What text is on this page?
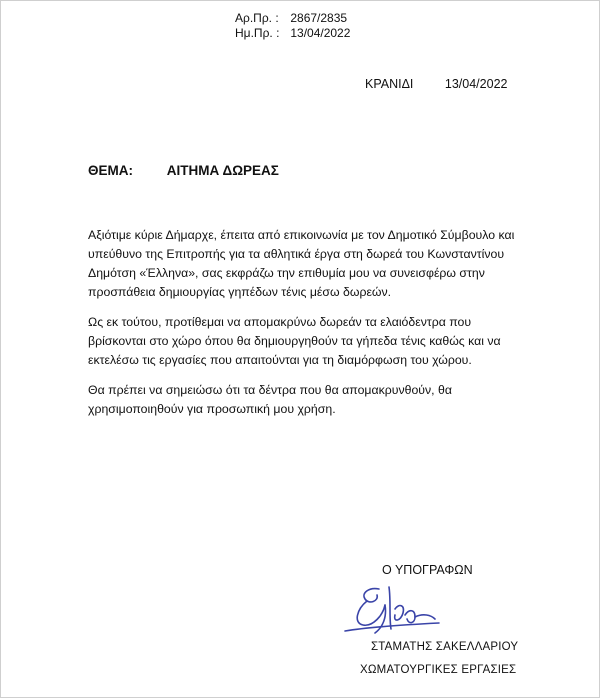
Αρ.Πρ. : 2867/2835
Ημ.Πρ. : 13/04/2022
ΚΡΑΝΙΔΙ	13/04/2022
ΘΕΜΑ:	ΑΙΤΗΜΑ ΔΩΡΕΑΣ

Αξιότιμε κύριε Δήμαρχε, έπειτα από επικοινωνία με τον Δημοτικό Σύμβουλο και υπεύθυνο της Επιτροπής για τα αθλητικά έργα στη δωρεά του Κωνσταντίνου Δημότση «Έλληνα», σας εκφράζω την επιθυμία μου να συνεισφέρω στην προσπάθεια δημιουργίας γηπέδων τένις μέσω δωρεών.

Ως εκ τούτου, προτίθεμαι να απομακρύνω δωρεάν τα ελαιόδεντρα που βρίσκονται στο χώρο όπου θα δημιουργηθούν τα γήπεδα τένις καθώς και να εκτελέσω τις εργασίες που απαιτούνται για τη διαμόρφωση του χώρου.

Θα πρέπει να σημειώσω ότι τα δέντρα που θα απομακρυνθούν, θα χρησιμοποιηθούν για προσωπική μου χρήση.

Ο ΥΠΟΓΡΑΦΩΝ
ΣΤΑΜΑΤΗΣ ΣΑΚΕΛΛΑΡΙΟΥ
ΧΩΜΑΤΟΥΡΓΙΚΕΣ ΕΡΓΑΣΙΕΣ
